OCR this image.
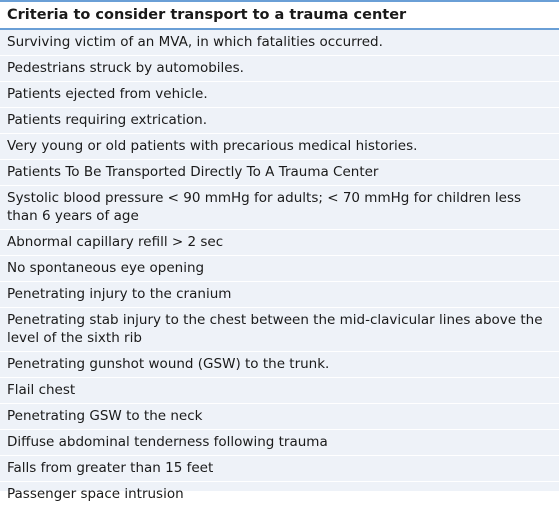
Criteria to consider transport to a trauma center
Surviving victim of an MVA, in which fatalities occurred.
Pedestrians struck by automobiles.
Patients ejected from vehicle.
Patients requiring extrication.
Very young or old patients with precarious medical histories.
Patients To Be Transported Directly To A Trauma Center
Systolic blood pressure < 90 mmHg for adults; < 70 mmHg for children less than 6 years of age
Abnormal capillary refill > 2 sec
No spontaneous eye opening
Penetrating injury to the cranium
Penetrating stab injury to the chest between the mid-clavicular lines above the level of the sixth rib
Penetrating gunshot wound (GSW) to the trunk.
Flail chest
Penetrating GSW to the neck
Diffuse abdominal tenderness following trauma
Falls from greater than 15 feet
Passenger space intrusion
